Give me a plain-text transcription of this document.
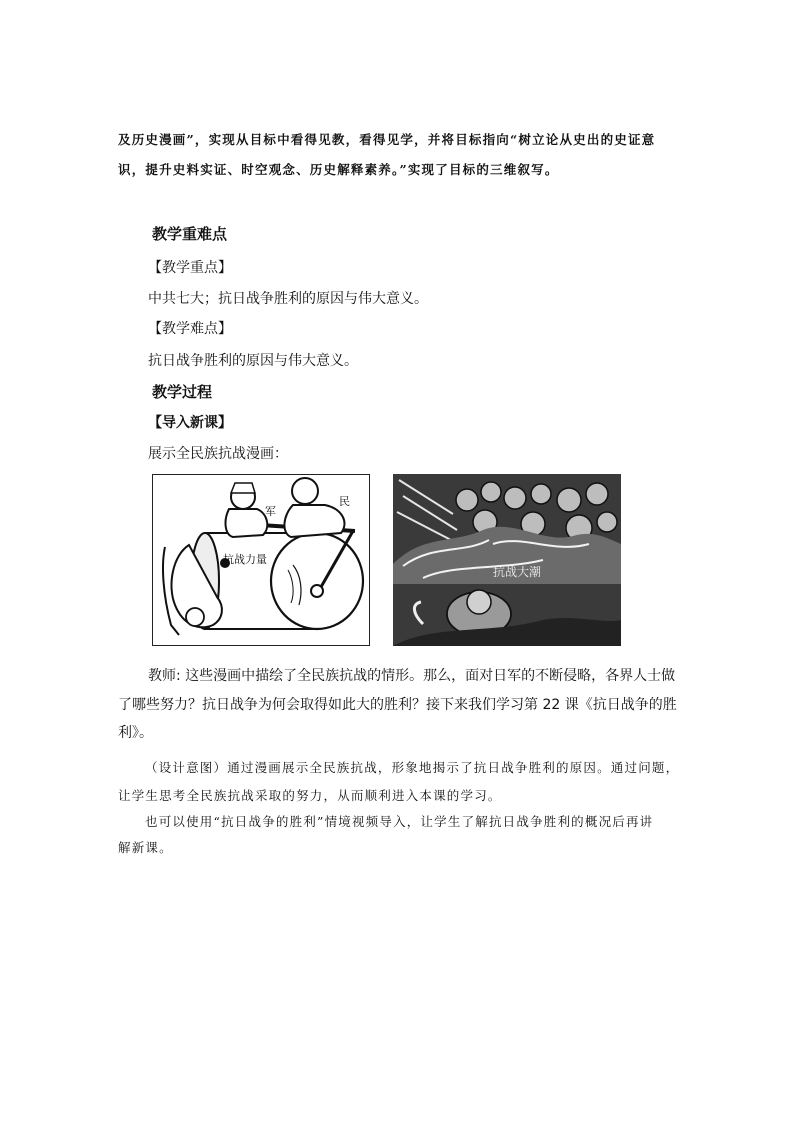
及历史漫画”，实现从目标中看得见教，看得见学，并将目标指向“树立论从史出的史证意
识，提升史料实证、时空观念、历史解释素养。”实现了目标的三维叙写。
教学重难点
【教学重点】
中共七大；抗日战争胜利的原因与伟大意义。
【教学难点】
抗日战争胜利的原因与伟大意义。
教学过程
【导入新课】
展示全民族抗战漫画：
军
民
抗战力量
抗战大潮
教师: 这些漫画中描绘了全民族抗战的情形。那么，面对日军的不断侵略，各界人士做
了哪些努力？抗日战争为何会取得如此大的胜利？接下来我们学习第 22 课《抗日战争的胜
利》。
（设计意图）通过漫画展示全民族抗战，形象地揭示了抗日战争胜利的原因。通过问题，
让学生思考全民族抗战采取的努力，从而顺利进入本课的学习。
也可以使用“抗日战争的胜利”情境视频导入，让学生了解抗日战争胜利的概况后再讲
解新课。
